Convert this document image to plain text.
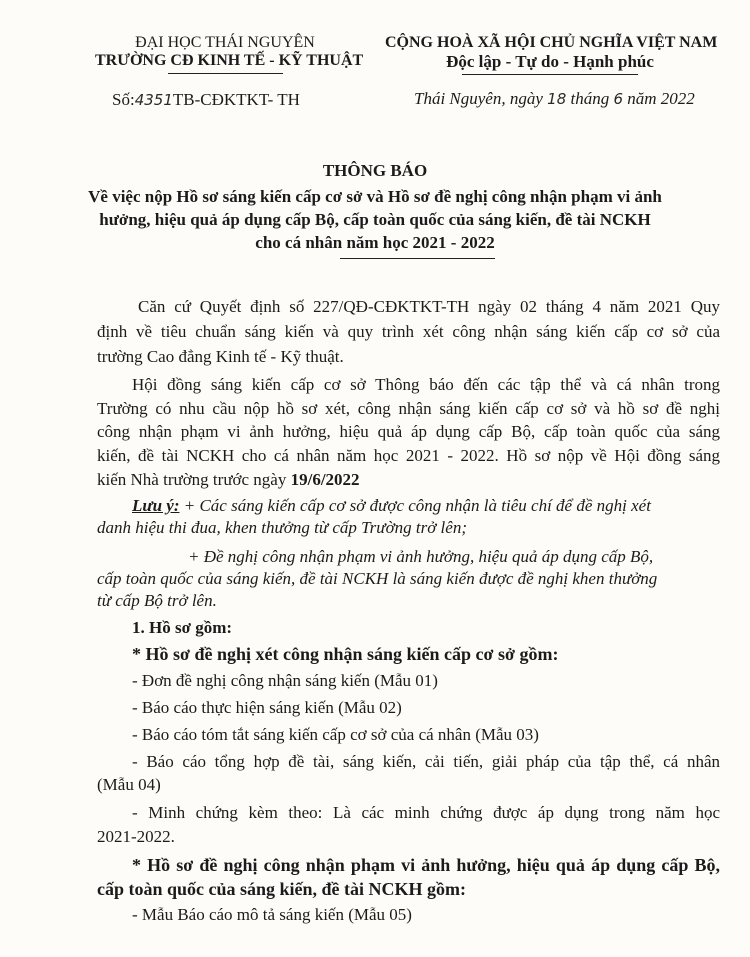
ĐẠI HỌC THÁI NGUYÊN
TRƯỜNG CĐ KINH TẾ - KỸ THUẬT
Số:4351TB-CĐKTKT- TH
CỘNG HOÀ XÃ HỘI CHỦ NGHĨA VIỆT NAM
Độc lập - Tự do - Hạnh phúc
Thái Nguyên, ngày 18 tháng 6 năm 2022
THÔNG BÁO
Về việc nộp Hồ sơ sáng kiến cấp cơ sở và Hồ sơ đề nghị công nhận phạm vi ảnh
hưởng, hiệu quả áp dụng cấp Bộ, cấp toàn quốc của sáng kiến, đề tài NCKH
cho cá nhân năm học 2021 - 2022
Căn cứ Quyết định số 227/QĐ-CĐKTKT-TH ngày 02 tháng 4 năm 2021 Quy
định về tiêu chuẩn sáng kiến và quy trình xét công nhận sáng kiến cấp cơ sở của
trường Cao đẳng Kinh tế - Kỹ thuật.
Hội đồng sáng kiến cấp cơ sở Thông báo đến các tập thể và cá nhân trong
Trường có nhu cầu nộp hồ sơ xét, công nhận sáng kiến cấp cơ sở và hồ sơ đề nghị
công nhận phạm vi ảnh hưởng, hiệu quả áp dụng cấp Bộ, cấp toàn quốc của sáng
kiến, đề tài NCKH cho cá nhân năm học 2021 - 2022. Hồ sơ nộp về Hội đồng sáng
kiến Nhà trường trước ngày 19/6/2022
Lưu ý: + Các sáng kiến cấp cơ sở được công nhận là tiêu chí để đề nghị xét
danh hiệu thi đua, khen thưởng từ cấp Trường trở lên;
+ Đề nghị công nhận phạm vi ảnh hưởng, hiệu quả áp dụng cấp Bộ,
cấp toàn quốc của sáng kiến, đề tài NCKH là sáng kiến được đề nghị khen thưởng
từ cấp Bộ trở lên.
1. Hồ sơ gồm:
* Hồ sơ đề nghị xét công nhận sáng kiến cấp cơ sở gồm:
- Đơn đề nghị công nhận sáng kiến (Mẫu 01)
- Báo cáo thực hiện sáng kiến (Mẫu 02)
- Báo cáo tóm tắt sáng kiến cấp cơ sở của cá nhân (Mẫu 03)
- Báo cáo tổng hợp đề tài, sáng kiến, cải tiến, giải pháp của tập thể, cá nhân
(Mẫu 04)
- Minh chứng kèm theo: Là các minh chứng được áp dụng trong năm học
2021-2022.
* Hồ sơ đề nghị công nhận phạm vi ảnh hưởng, hiệu quả áp dụng cấp Bộ,
cấp toàn quốc của sáng kiến, đề tài NCKH gồm:
- Mẫu Báo cáo mô tả sáng kiến (Mẫu 05)
